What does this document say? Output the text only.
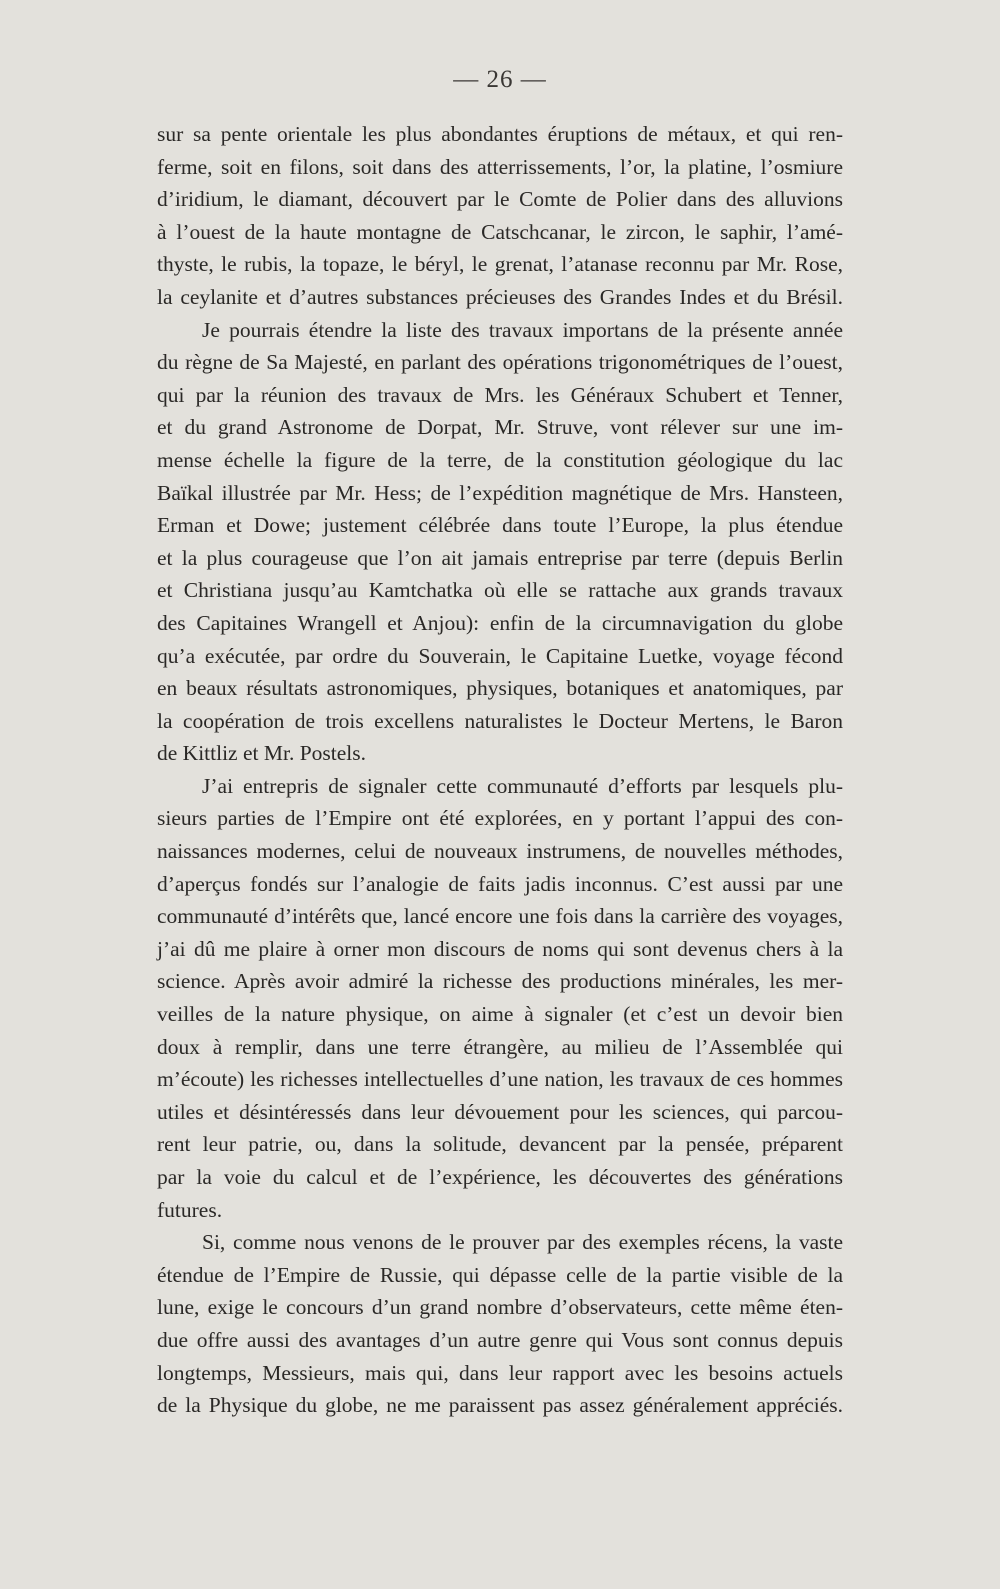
— 26 —
sur sa pente orientale les plus abondantes éruptions de métaux, et qui ren-
ferme, soit en filons, soit dans des atterrissements, l’or, la platine, l’osmiure
d’iridium, le diamant, découvert par le Comte de Polier dans des alluvions
à l’ouest de la haute montagne de Catschcanar, le zircon, le saphir, l’amé-
thyste, le rubis, la topaze, le béryl, le grenat, l’atanase reconnu par Mr. Rose,
la ceylanite et d’autres substances précieuses des Grandes Indes et du Brésil.
Je pourrais étendre la liste des travaux importans de la présente année
du règne de Sa Majesté, en parlant des opérations trigonométriques de l’ouest,
qui par la réunion des travaux de Mrs. les Généraux Schubert et Tenner,
et du grand Astronome de Dorpat, Mr. Struve, vont rélever sur une im-
mense échelle la figure de la terre, de la constitution géologique du lac
Baïkal illustrée par Mr. Hess; de l’expédition magnétique de Mrs. Hansteen,
Erman et Dowe; justement célébrée dans toute l’Europe, la plus étendue
et la plus courageuse que l’on ait jamais entreprise par terre (depuis Berlin
et Christiana jusqu’au Kamtchatka où elle se rattache aux grands travaux
des Capitaines Wrangell et Anjou): enfin de la circumnavigation du globe
qu’a exécutée, par ordre du Souverain, le Capitaine Luetke, voyage fécond
en beaux résultats astronomiques, physiques, botaniques et anatomiques, par
la coopération de trois excellens naturalistes le Docteur Mertens, le Baron
de Kittliz et Mr. Postels.
J’ai entrepris de signaler cette communauté d’efforts par lesquels plu-
sieurs parties de l’Empire ont été explorées, en y portant l’appui des con-
naissances modernes, celui de nouveaux instrumens, de nouvelles méthodes,
d’aperçus fondés sur l’analogie de faits jadis inconnus. C’est aussi par une
communauté d’intérêts que, lancé encore une fois dans la carrière des voyages,
j’ai dû me plaire à orner mon discours de noms qui sont devenus chers à la
science. Après avoir admiré la richesse des productions minérales, les mer-
veilles de la nature physique, on aime à signaler (et c’est un devoir bien
doux à remplir, dans une terre étrangère, au milieu de l’Assemblée qui
m’écoute) les richesses intellectuelles d’une nation, les travaux de ces hommes
utiles et désintéressés dans leur dévouement pour les sciences, qui parcou-
rent leur patrie, ou, dans la solitude, devancent par la pensée, préparent
par la voie du calcul et de l’expérience, les découvertes des générations
futures.
Si, comme nous venons de le prouver par des exemples récens, la vaste
étendue de l’Empire de Russie, qui dépasse celle de la partie visible de la
lune, exige le concours d’un grand nombre d’observateurs, cette même éten-
due offre aussi des avantages d’un autre genre qui Vous sont connus depuis
longtemps, Messieurs, mais qui, dans leur rapport avec les besoins actuels
de la Physique du globe, ne me paraissent pas assez généralement appréciés.
